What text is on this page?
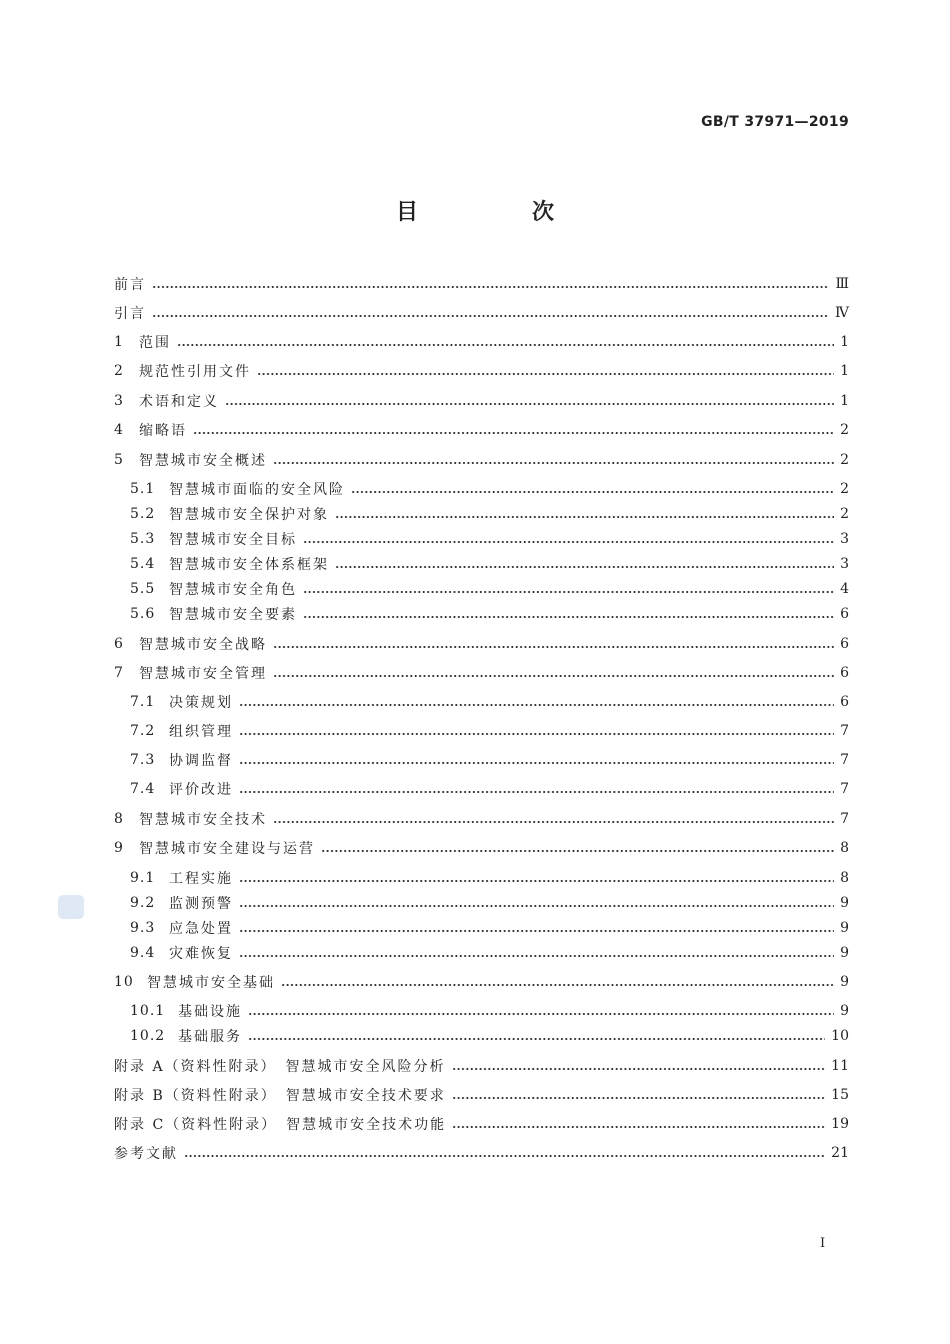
GB/T 37971—2019
目　次
前言	Ⅲ
引言	Ⅳ
1	范围	1
2	规范性引用文件	1
3	术语和定义	1
4	缩略语	2
5	智慧城市安全概述	2
5.1 智慧城市面临的安全风险	2
5.2 智慧城市安全保护对象	2
5.3 智慧城市安全目标	3
5.4 智慧城市安全体系框架	3
5.5 智慧城市安全角色	4
5.6 智慧城市安全要素	6
6	智慧城市安全战略	6
7	智慧城市安全管理	6
7.1 决策规划	6
7.2 组织管理	7
7.3 协调监督	7
7.4 评价改进	7
8	智慧城市安全技术	7
9	智慧城市安全建设与运营	8
9.1 工程实施	8
9.2 监测预警	9
9.3 应急处置	9
9.4 灾难恢复	9
10 智慧城市安全基础	9
10.1 基础设施	9
10.2 基础服务	10
附录 A（资料性附录）　智慧城市安全风险分析	11
附录 B（资料性附录）　智慧城市安全技术要求	15
附录 C（资料性附录）　智慧城市安全技术功能	19
参考文献	21
I
